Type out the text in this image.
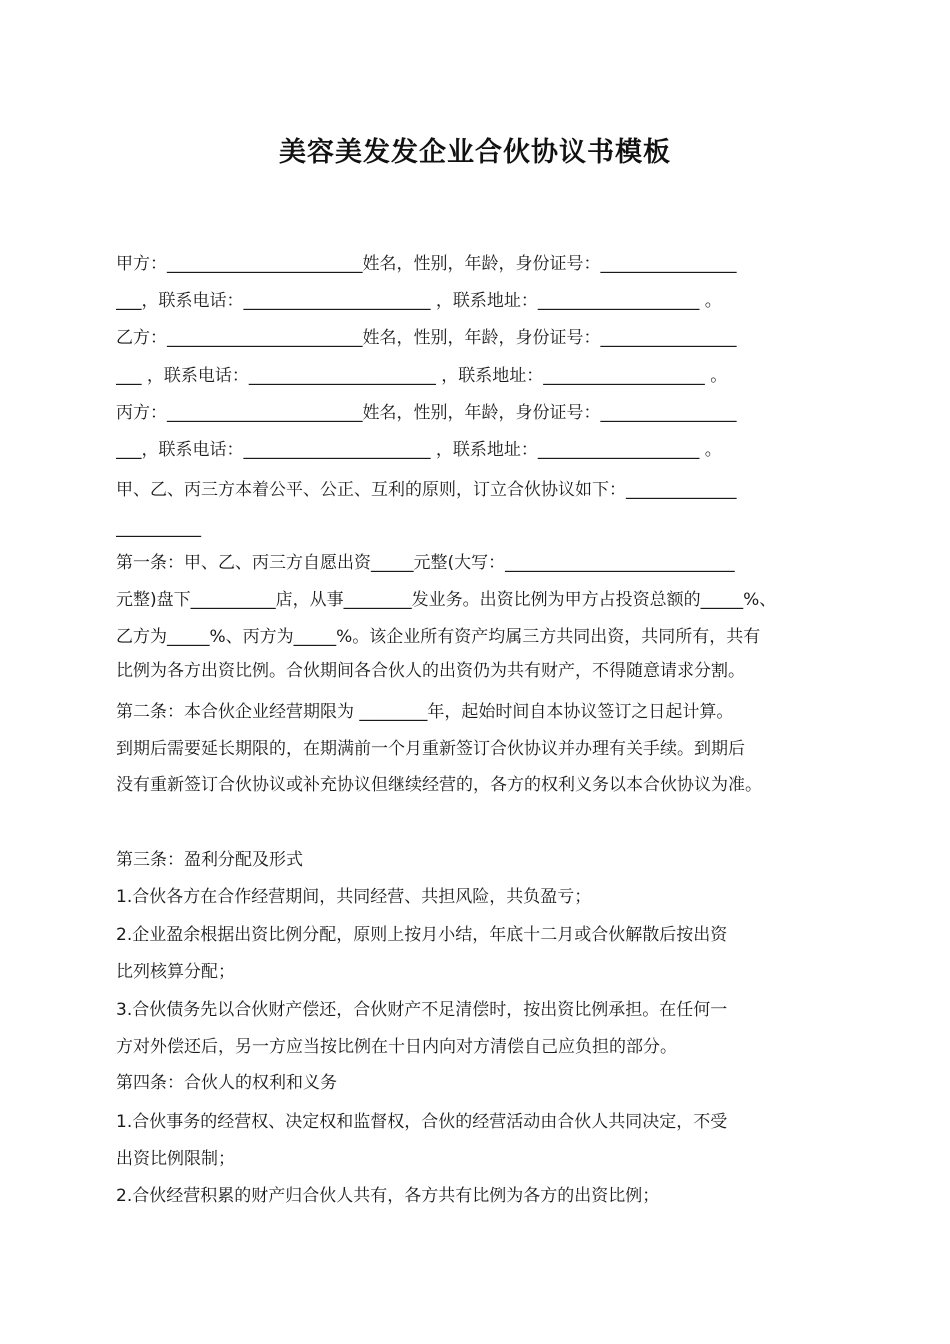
美容美发发企业合伙协议书模板
甲方：_______________________姓名，性别，年龄，身份证号：________________
___，联系电话：______________________ ，联系地址：___________________ 。
乙方：_______________________姓名，性别，年龄，身份证号：________________
___ ，联系电话：______________________ ，联系地址：___________________ 。
丙方：_______________________姓名，性别，年龄，身份证号：________________
___，联系电话：______________________ ，联系地址：___________________ 。
甲、乙、丙三方本着公平、公正、互利的原则，订立合伙协议如下：_____________
__________
第一条：甲、乙、丙三方自愿出资_____元整(大写：___________________________
元整)盘下__________店，从事________发业务。出资比例为甲方占投资总额的_____%、
乙方为_____%、丙方为_____%。该企业所有资产均属三方共同出资，共同所有，共有
比例为各方出资比例。合伙期间各合伙人的出资仍为共有财产，不得随意请求分割。
第二条：本合伙企业经营期限为 ________年，起始时间自本协议签订之日起计算。
到期后需要延长期限的，在期满前一个月重新签订合伙协议并办理有关手续。到期后
没有重新签订合伙协议或补充协议但继续经营的，各方的权利义务以本合伙协议为准。
第三条：盈利分配及形式
1.合伙各方在合作经营期间，共同经营、共担风险，共负盈亏；
2.企业盈余根据出资比例分配，原则上按月小结，年底十二月或合伙解散后按出资
比列核算分配；
3.合伙债务先以合伙财产偿还，合伙财产不足清偿时，按出资比例承担。在任何一
方对外偿还后，另一方应当按比例在十日内向对方清偿自己应负担的部分。
第四条：合伙人的权利和义务
1.合伙事务的经营权、决定权和监督权，合伙的经营活动由合伙人共同决定，不受
出资比例限制；
2.合伙经营积累的财产归合伙人共有，各方共有比例为各方的出资比例；
